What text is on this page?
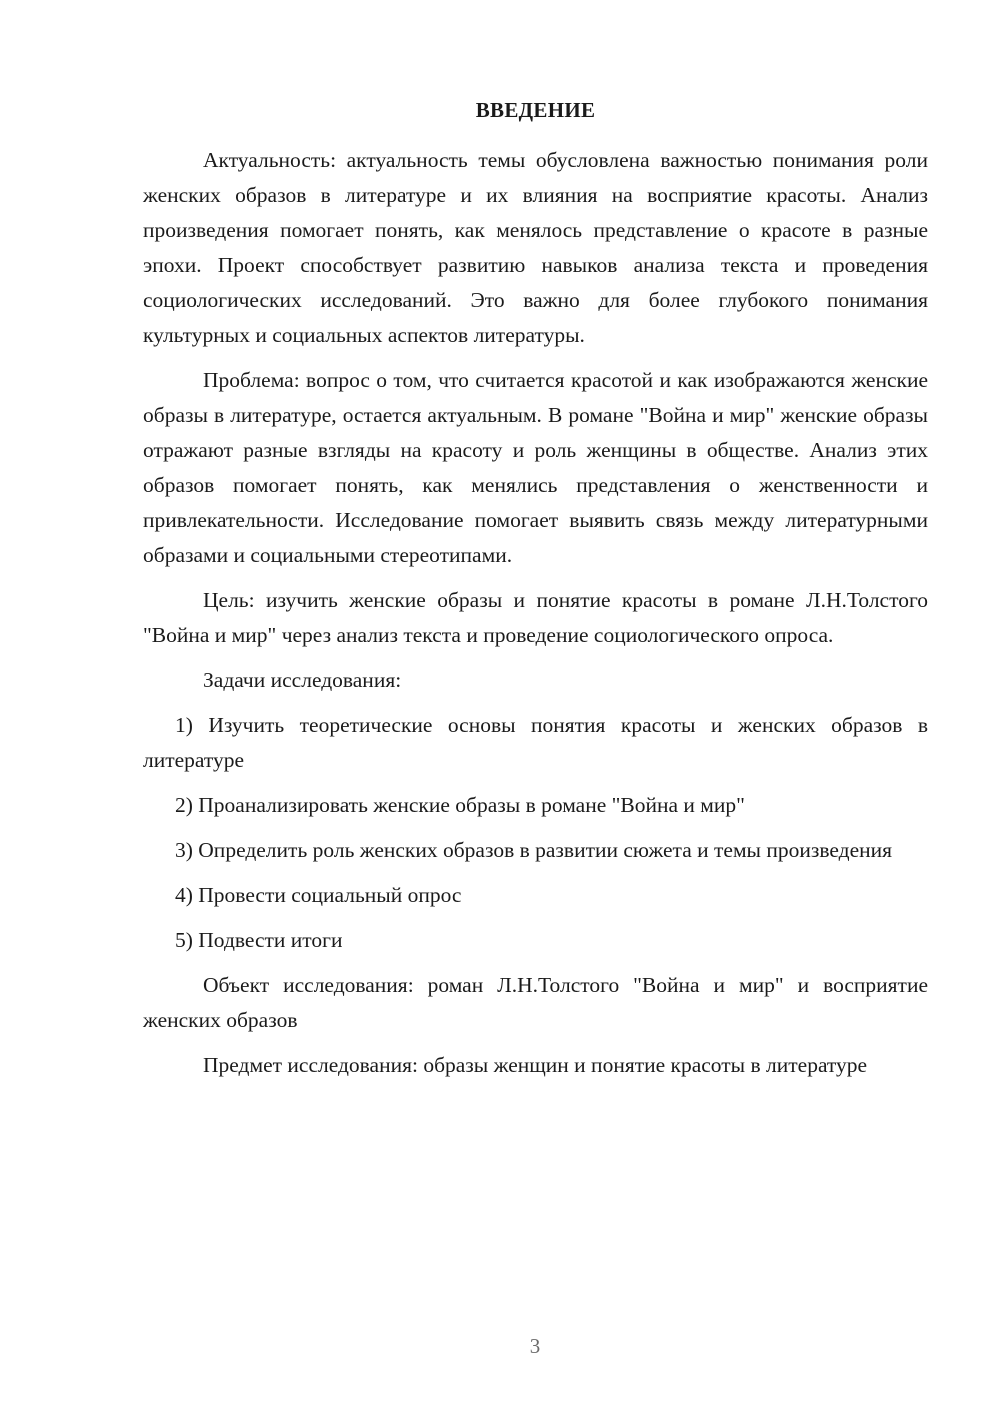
ВВЕДЕНИЕ

Актуальность: актуальность темы обусловлена важностью понимания роли женских образов в литературе и их влияния на восприятие красоты. Анализ произведения помогает понять, как менялось представление о красоте в разные эпохи. Проект способствует развитию навыков анализа текста и проведения социологических исследований. Это важно для более глубокого понимания культурных и социальных аспектов литературы.

Проблема: вопрос о том, что считается красотой и как изображаются женские образы в литературе, остается актуальным. В романе "Война и мир" женские образы отражают разные взгляды на красоту и роль женщины в обществе. Анализ этих образов помогает понять, как менялись представления о женственности и привлекательности. Исследование помогает выявить связь между литературными образами и социальными стереотипами.

Цель: изучить женские образы и понятие красоты в романе Л.Н.Толстого "Война и мир" через анализ текста и проведение социологического опроса.

Задачи исследования:

1) Изучить теоретические основы понятия красоты и женских образов в литературе

2) Проанализировать женские образы в романе "Война и мир"

3) Определить роль женских образов в развитии сюжета и темы произведения

4) Провести социальный опрос

5) Подвести итоги

Объект исследования: роман Л.Н.Толстого "Война и мир" и восприятие женских образов

Предмет исследования: образы женщин и понятие красоты в литературе

3
